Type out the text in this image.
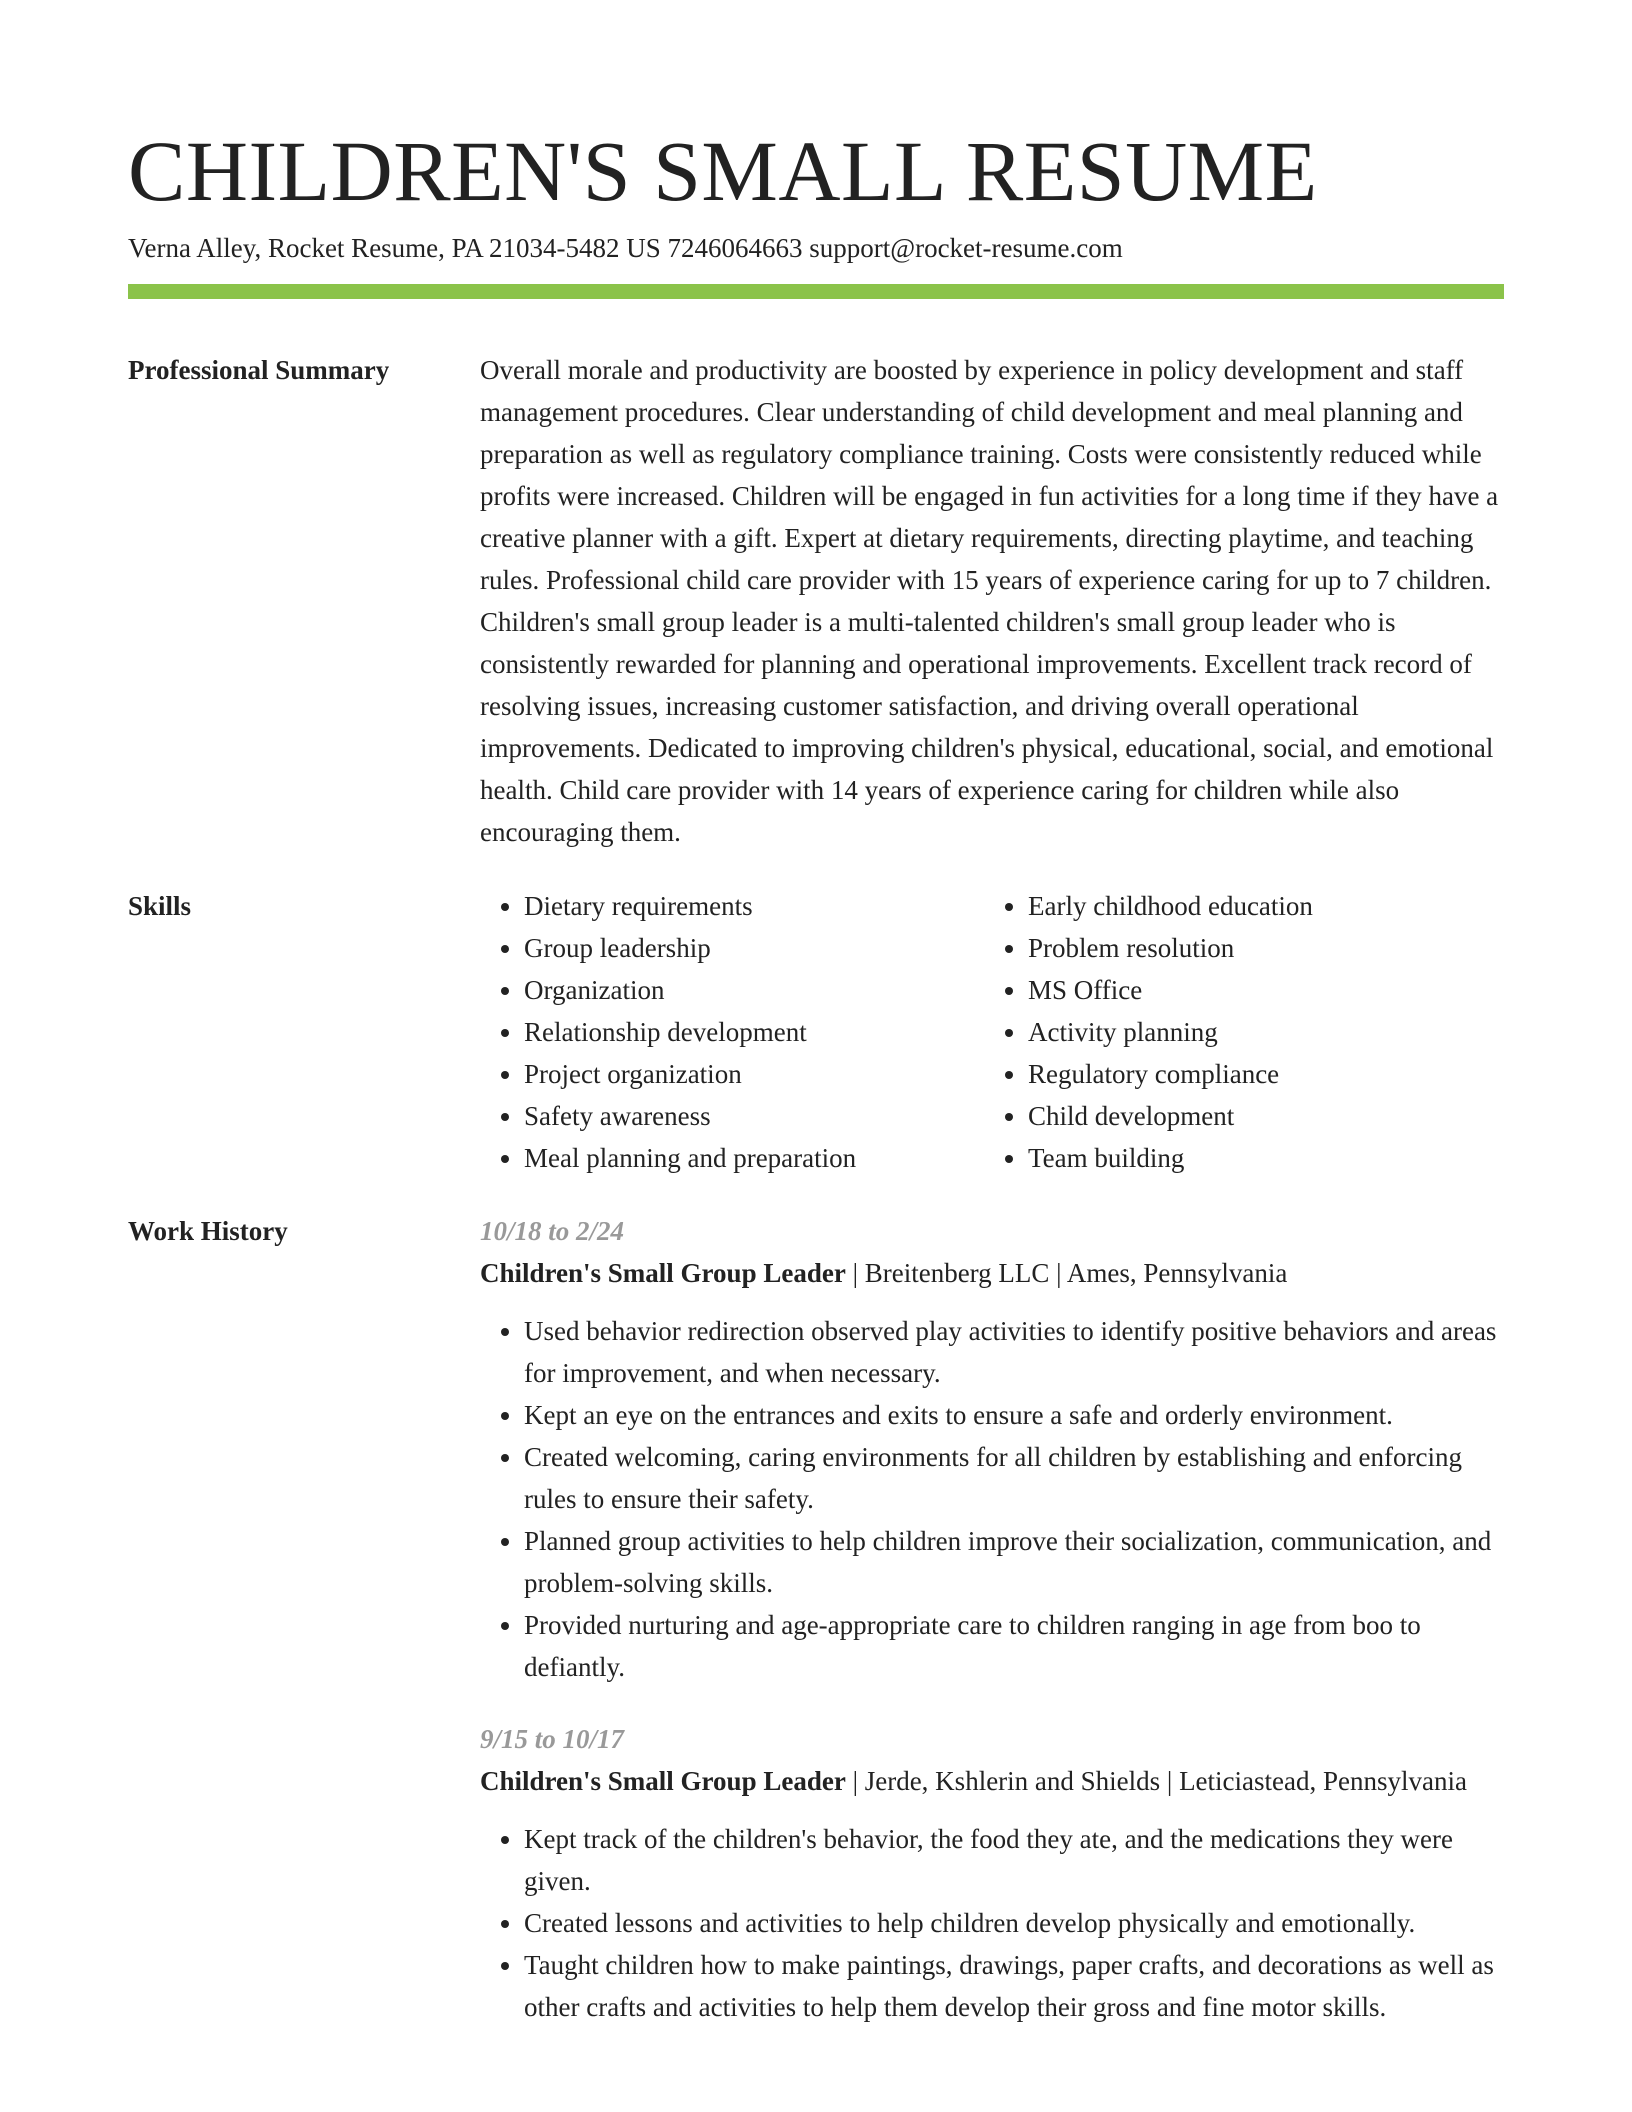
CHILDREN'S SMALL RESUME
Verna Alley, Rocket Resume, PA 21034-5482 US 7246064663 support@rocket-resume.com
Professional Summary	Overall morale and productivity are boosted by experience in policy development and staff management procedures. Clear understanding of child development and meal planning and preparation as well as regulatory compliance training. Costs were consistently reduced while profits were increased. Children will be engaged in fun activities for a long time if they have a creative planner with a gift. Expert at dietary requirements, directing playtime, and teaching rules. Professional child care provider with 15 years of experience caring for up to 7 children. Children's small group leader is a multi-talented children's small group leader who is consistently rewarded for planning and operational improvements. Excellent track record of resolving issues, increasing customer satisfaction, and driving overall operational improvements. Dedicated to improving children's physical, educational, social, and emotional health. Child care provider with 14 years of experience caring for children while also encouraging them.

Skills
•	Dietary requirements
• Group leadership
• Organization
• Relationship development
• Project organization
• Safety awareness
• Meal planning and preparation
• Early childhood education
• Problem resolution
• MS Office
• Activity planning
• Regulatory compliance
• Child development
• Team building
Work History	10/18 to 2/24
Children's Small Group Leader | Breitenberg LLC | Ames, Pennsylvania
• Used behavior redirection observed play activities to identify positive behaviors and areas for improvement, and when necessary.
• Kept an eye on the entrances and exits to ensure a safe and orderly environment.
• Created welcoming, caring environments for all children by establishing and enforcing rules to ensure their safety.
• Planned group activities to help children improve their socialization, communication, and problem-solving skills.
• Provided nurturing and age-appropriate care to children ranging in age from boo to defiantly.
9/15 to 10/17
Children's Small Group Leader | Jerde, Kshlerin and Shields | Leticiastead, Pennsylvania
• Kept track of the children's behavior, the food they ate, and the medications they were given.
• Created lessons and activities to help children develop physically and emotionally.
• Taught children how to make paintings, drawings, paper crafts, and decorations as well as other crafts and activities to help them develop their gross and fine motor skills.
